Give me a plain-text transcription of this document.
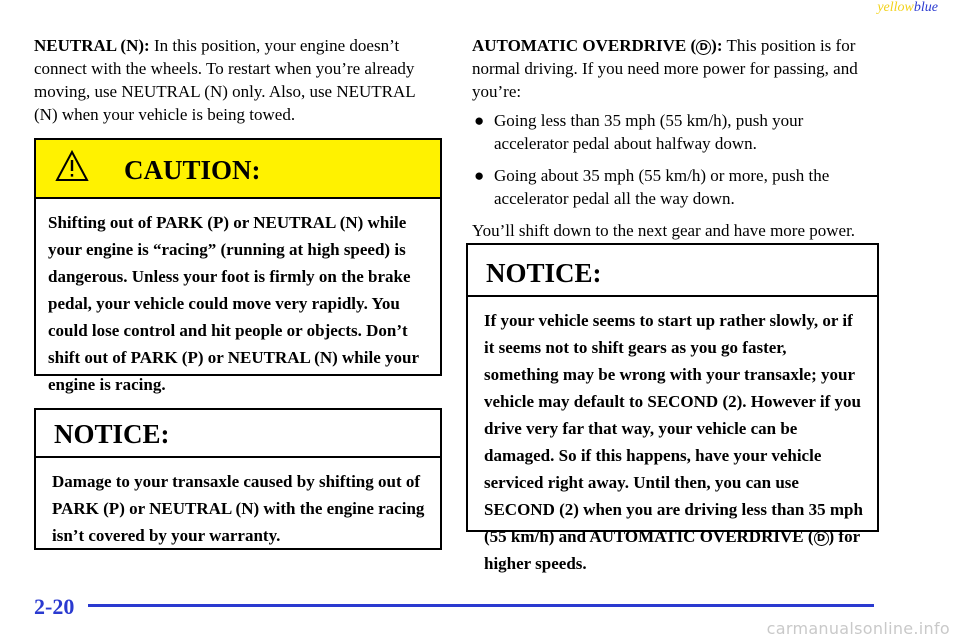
yellowblue

NEUTRAL (N): In this position, your engine doesn’t connect with the wheels. To restart when you’re already moving, use NEUTRAL (N) only. Also, use NEUTRAL (N) when your vehicle is being towed.

CAUTION:
Shifting out of PARK (P) or NEUTRAL (N) while your engine is “racing” (running at high speed) is dangerous. Unless your foot is firmly on the brake pedal, your vehicle could move very rapidly. You could lose control and hit people or objects. Don’t shift out of PARK (P) or NEUTRAL (N) while your engine is racing.
NOTICE:
Damage to your transaxle caused by shifting out of PARK (P) or NEUTRAL (N) with the engine racing isn’t covered by your warranty.

AUTOMATIC OVERDRIVE ( D ): This position is for normal driving. If you need more power for passing, and you’re:

● Going less than 35 mph (55 km/h), push your accelerator pedal about halfway down.
● Going about 35 mph (55 km/h) or more, push the accelerator pedal all the way down.

You’ll shift down to the next gear and have more power.

NOTICE:
If your vehicle seems to start up rather slowly, or if it seems not to shift gears as you go faster, something may be wrong with your transaxle; your vehicle may default to SECOND (2). However if you drive very far that way, your vehicle can be damaged. So if this happens, have your vehicle serviced right away. Until then, you can use SECOND (2) when you are driving less than 35 mph (55 km/h) and AUTOMATIC OVERDRIVE ( D ) for higher speeds.
2-20
carmanualsonline.info
